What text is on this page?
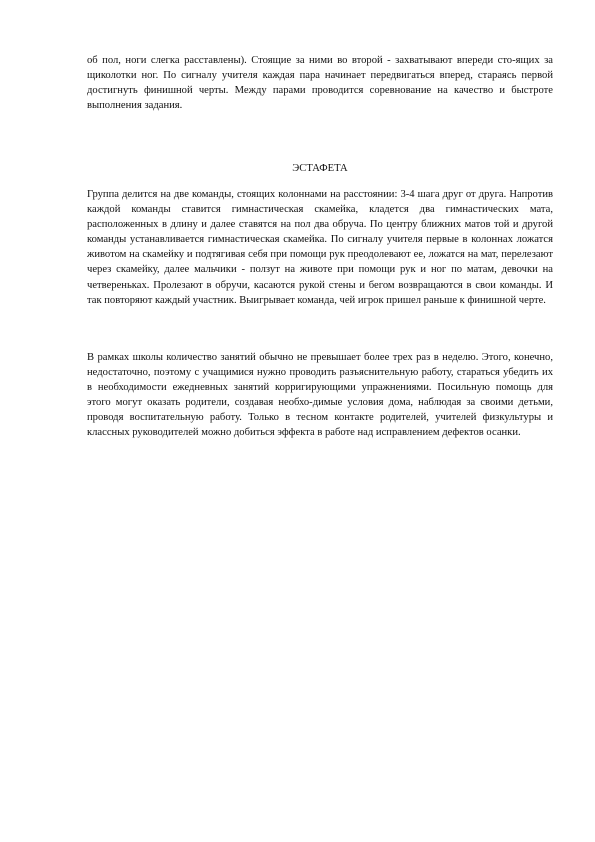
об пол, ноги слегка расставлены). Стоящие за ними во второй - захватывают впереди сто-ящих за щиколотки ног. По сигналу учителя каждая пара начинает передвигаться вперед, стараясь первой достигнуть финишной черты. Между парами проводится соревнование на качество и быстроте выполнения задания.

ЭСТАФЕТА

Группа делится на две команды, стоящих колоннами на расстоянии: 3-4 шага друг от друга. Напротив каждой команды ставится гимнастическая скамейка, кладется два гимнастических мата, расположенных в длину и далее ставятся на пол два обруча. По центру ближних матов той и другой команды устанавливается гимнастическая скамейка. По сигналу учителя первые в колоннах ложатся животом на скамейку и подтягивая себя при помощи рук преодолевают ее, ложатся на мат, перелезают через скамейку, далее мальчики - ползут на животе при помощи рук и ног по матам, девочки на четвереньках. Пролезают в обручи, касаются рукой стены и бегом возвращаются в свои команды. И так повторяют каждый участник. Выигрывает команда, чей игрок пришел раньше к финишной черте.

В рамках школы количество занятий обычно не превышает более трех раз в неделю. Этого, конечно, недостаточно, поэтому с учащимися нужно проводить разъяснительную работу, стараться убедить их в необходимости ежедневных занятий корригирующими упражнениями. Посильную помощь для этого могут оказать родители, создавая необхо-димые условия дома, наблюдая за своими детьми, проводя воспитательную работу. Только в тесном контакте родителей, учителей физкультуры и классных руководителей можно добиться эффекта в работе над исправлением дефектов осанки.
